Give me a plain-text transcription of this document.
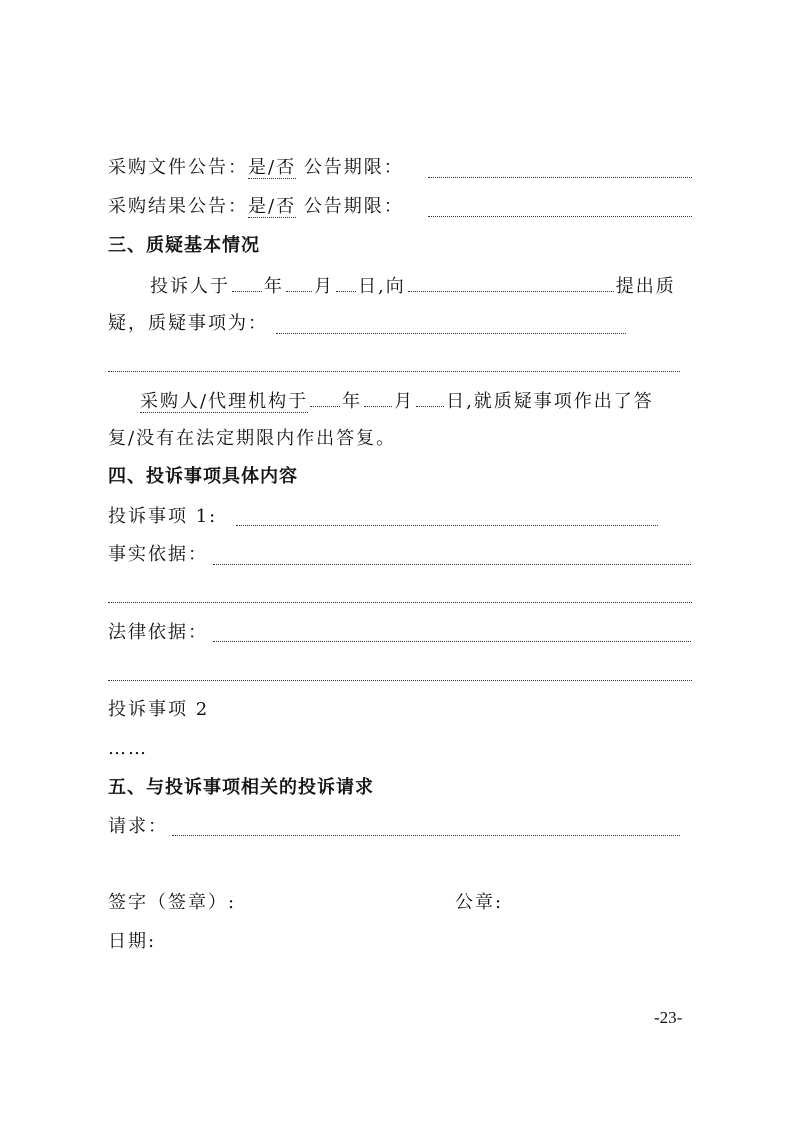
采购文件公告：是/否 公告期限：
采购结果公告：是/否 公告期限：
三、质疑基本情况
投诉人于 年 月 日,向	提出质
疑，质疑事项为：
采购人/代理机构于 年 月 日,就质疑事项作出了答
复/没有在法定期限内作出答复。
四、投诉事项具体内容
投诉事项 1:
事实依据：
法律依据：
投诉事项 2
……
五、与投诉事项相关的投诉请求
请求：
签字（签章）:	公章:
日期:
-23-
